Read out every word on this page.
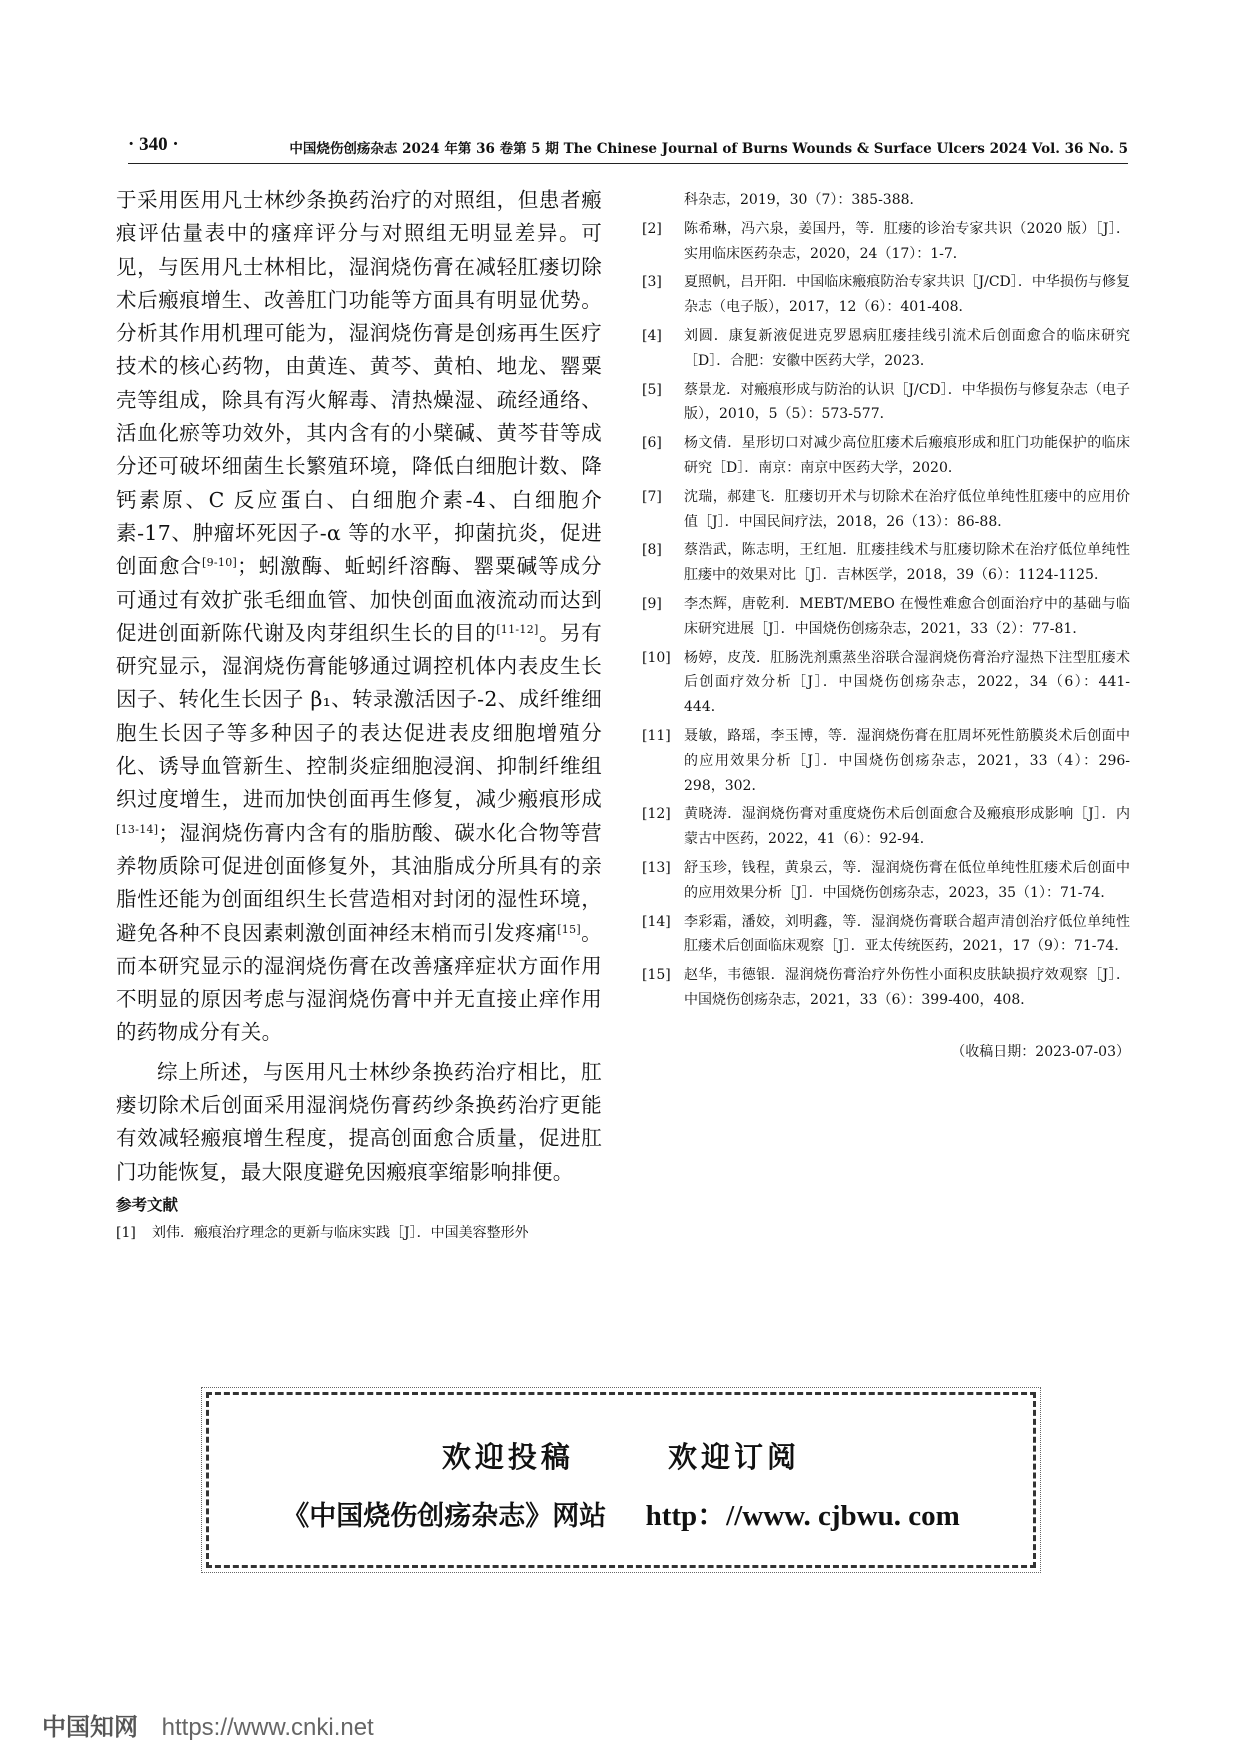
· 340 ·	中国烧伤创疡杂志 2024 年第 36 卷第 5 期 The Chinese Journal of Burns Wounds & Surface Ulcers 2024 Vol. 36 No. 5

于采用医用凡士林纱条换药治疗的对照组，但患者瘢痕评估量表中的瘙痒评分与对照组无明显差异。可见，与医用凡士林相比，湿润烧伤膏在减轻肛瘘切除术后瘢痕增生、改善肛门功能等方面具有明显优势。分析其作用机理可能为，湿润烧伤膏是创疡再生医疗技术的核心药物，由黄连、黄芩、黄柏、地龙、罂粟壳等组成，除具有泻火解毒、清热燥湿、疏经通络、活血化瘀等功效外，其内含有的小檗碱、黄芩苷等成分还可破坏细菌生长繁殖环境，降低白细胞计数、降钙素原、C 反应蛋白、白细胞介素-4、白细胞介素-17、肿瘤坏死因子-α 等的水平，抑菌抗炎，促进创面愈合[9-10]；蚓激酶、蚯蚓纤溶酶、罂粟碱等成分可通过有效扩张毛细血管、加快创面血液流动而达到促进创面新陈代谢及肉芽组织生长的目的[11-12]。另有研究显示，湿润烧伤膏能够通过调控机体内表皮生长因子、转化生长因子 β₁、转录激活因子-2、成纤维细胞生长因子等多种因子的表达促进表皮细胞增殖分化、诱导血管新生、控制炎症细胞浸润、抑制纤维组织过度增生，进而加快创面再生修复，减少瘢痕形成[13-14]；湿润烧伤膏内含有的脂肪酸、碳水化合物等营养物质除可促进创面修复外，其油脂成分所具有的亲脂性还能为创面组织生长营造相对封闭的湿性环境，避免各种不良因素刺激创面神经末梢而引发疼痛[15]。而本研究显示的湿润烧伤膏在改善瘙痒症状方面作用不明显的原因考虑与湿润烧伤膏中并无直接止痒作用的药物成分有关。

综上所述，与医用凡士林纱条换药治疗相比，肛瘘切除术后创面采用湿润烧伤膏药纱条换药治疗更能有效减轻瘢痕增生程度，提高创面愈合质量，促进肛门功能恢复，最大限度避免因瘢痕挛缩影响排便。

参考文献
[1] 刘伟．瘢痕治疗理念的更新与临床实践［J］．中国美容整形外
科杂志，2019，30（7）：385-388．
[2] 陈希琳，冯六泉，姜国丹，等．肛瘘的诊治专家共识（2020 版）［J］．实用临床医药杂志，2020，24（17）：1-7．
[3] 夏照帆，吕开阳．中国临床瘢痕防治专家共识［J/CD］．中华损伤与修复杂志（电子版），2017，12（6）：401-408．
[4] 刘圆．康复新液促进克罗恩病肛瘘挂线引流术后创面愈合的临床研究［D］．合肥：安徽中医药大学，2023．
[5] 蔡景龙．对瘢痕形成与防治的认识［J/CD］．中华损伤与修复杂志（电子版），2010，5（5）：573-577．
[6] 杨文倩．星形切口对减少高位肛瘘术后瘢痕形成和肛门功能保护的临床研究［D］．南京：南京中医药大学，2020．
[7] 沈瑞，郝建飞．肛瘘切开术与切除术在治疗低位单纯性肛瘘中的应用价值［J］．中国民间疗法，2018，26（13）：86-88．
[8] 蔡浩武，陈志明，王红旭．肛瘘挂线术与肛瘘切除术在治疗低位单纯性肛瘘中的效果对比［J］．吉林医学，2018，39（6）：1124-1125．
[9] 李杰辉，唐乾利．MEBT/MEBO 在慢性难愈合创面治疗中的基础与临床研究进展［J］．中国烧伤创疡杂志，2021，33（2）：77-81．
[10] 杨婷，皮茂．肛肠洗剂熏蒸坐浴联合湿润烧伤膏治疗湿热下注型肛瘘术后创面疗效分析［J］．中国烧伤创疡杂志，2022，34（6）：441-444．
[11] 聂敏，路瑶，李玉博，等．湿润烧伤膏在肛周坏死性筋膜炎术后创面中的应用效果分析［J］．中国烧伤创疡杂志，2021，33（4）：296-298，302．
[12] 黄晓涛．湿润烧伤膏对重度烧伤术后创面愈合及瘢痕形成影响［J］．内蒙古中医药，2022，41（6）：92-94．
[13] 舒玉珍，钱程，黄泉云，等．湿润烧伤膏在低位单纯性肛瘘术后创面中的应用效果分析［J］．中国烧伤创疡杂志，2023，35（1）：71-74．
[14] 李彩霜，潘姣，刘明鑫，等．湿润烧伤膏联合超声清创治疗低位单纯性肛瘘术后创面临床观察［J］．亚太传统医药，2021，17（9）：71-74．
[15] 赵华，韦德银．湿润烧伤膏治疗外伤性小面积皮肤缺损疗效观察［J］．中国烧伤创疡杂志，2021，33（6）：399-400，408．
（收稿日期：2023-07-03）
欢迎投稿	欢迎订阅
《中国烧伤创疡杂志》网站 http：//www. cjbwu. com
中国知网 https://www.cnki.net
